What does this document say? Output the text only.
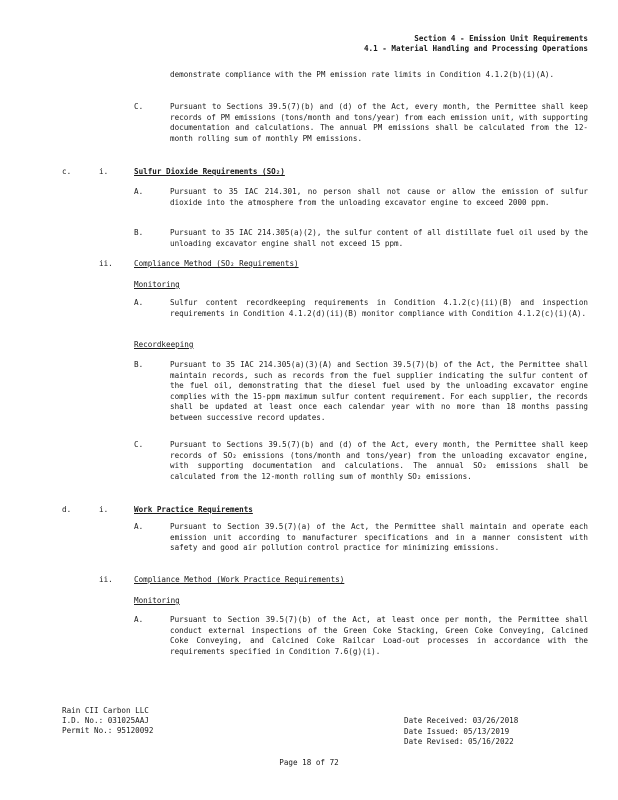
Section 4 - Emission Unit Requirements
4.1 - Material Handling and Processing Operations
demonstrate compliance with the PM emission rate limits in Condition 4.1.2(b)(i)(A).
C.	Pursuant to Sections 39.5(7)(b) and (d) of the Act, every month, the Permittee shall keep records of PM emissions (tons/month and tons/year) from each emission unit, with supporting documentation and calculations. The annual PM emissions shall be calculated from the 12-month rolling sum of monthly PM emissions.
c.	i.	Sulfur Dioxide Requirements (SO₂)
A.	Pursuant to 35 IAC 214.301, no person shall not cause or allow the emission of sulfur dioxide into the atmosphere from the unloading excavator engine to exceed 2000 ppm.
B.	Pursuant to 35 IAC 214.305(a)(2), the sulfur content of all distillate fuel oil used by the unloading excavator engine shall not exceed 15 ppm.
ii.	Compliance Method (SO₂ Requirements)
Monitoring
A.	Sulfur content recordkeeping requirements in Condition 4.1.2(c)(ii)(B) and inspection requirements in Condition 4.1.2(d)(ii)(B) monitor compliance with Condition 4.1.2(c)(i)(A).
Recordkeeping
B.	Pursuant to 35 IAC 214.305(a)(3)(A) and Section 39.5(7)(b) of the Act, the Permittee shall maintain records, such as records from the fuel supplier indicating the sulfur content of the fuel oil, demonstrating that the diesel fuel used by the unloading excavator engine complies with the 15-ppm maximum sulfur content requirement. For each supplier, the records shall be updated at least once each calendar year with no more than 18 months passing between successive record updates.
C.	Pursuant to Sections 39.5(7)(b) and (d) of the Act, every month, the Permittee shall keep records of SO₂ emissions (tons/month and tons/year) from the unloading excavator engine, with supporting documentation and calculations. The annual SO₂ emissions shall be calculated from the 12-month rolling sum of monthly SO₂ emissions.
d.	i.	Work Practice Requirements
A.	Pursuant to Section 39.5(7)(a) of the Act, the Permittee shall maintain and operate each emission unit according to manufacturer specifications and in a manner consistent with safety and good air pollution control practice for minimizing emissions.
ii.	Compliance Method (Work Practice Requirements)
Monitoring
A.	Pursuant to Section 39.5(7)(b) of the Act, at least once per month, the Permittee shall conduct external inspections of the Green Coke Stacking, Green Coke Conveying, Calcined Coke Conveying, and Calcined Coke Railcar Load-out processes in accordance with the requirements specified in Condition 7.6(g)(i).
Rain CII Carbon LLC
I.D. No.: 031025AAJ
Permit No.: 95120092
Date Received: 03/26/2018
Date Issued: 05/13/2019
Date Revised: 05/16/2022
Page 18 of 72
